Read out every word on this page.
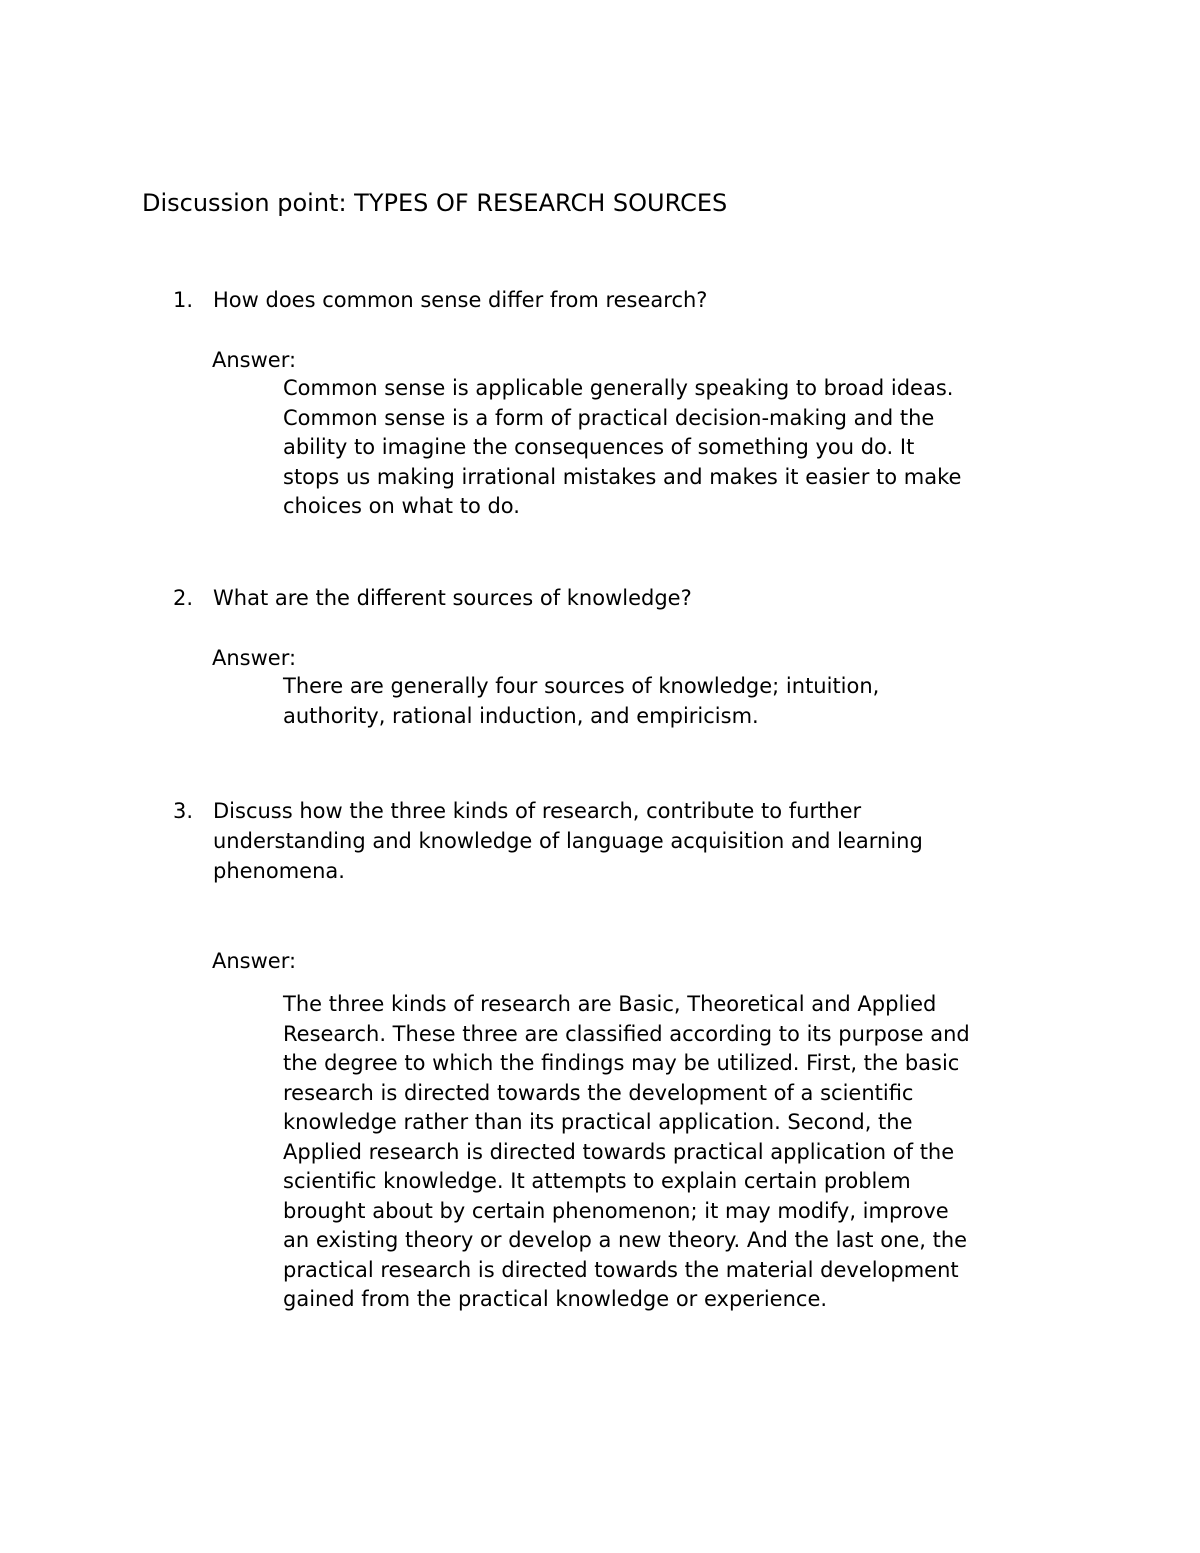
Discussion point: TYPES OF RESEARCH SOURCES
1. How does common sense differ from research?
Answer:
Common sense is applicable generally speaking to broad ideas.
Common sense is a form of practical decision-making and the
ability to imagine the consequences of something you do. It
stops us making irrational mistakes and makes it easier to make
choices on what to do.
2. What are the different sources of knowledge?
Answer:
There are generally four sources of knowledge; intuition,
authority, rational induction, and empiricism.
3. Discuss how the three kinds of research, contribute to further
understanding and knowledge of language acquisition and learning
phenomena.
Answer:
The three kinds of research are Basic, Theoretical and Applied
Research. These three are classified according to its purpose and
the degree to which the findings may be utilized. First, the basic
research is directed towards the development of a scientific
knowledge rather than its practical application. Second, the
Applied research is directed towards practical application of the
scientific knowledge. It attempts to explain certain problem
brought about by certain phenomenon; it may modify, improve
an existing theory or develop a new theory. And the last one, the
practical research is directed towards the material development
gained from the practical knowledge or experience.
